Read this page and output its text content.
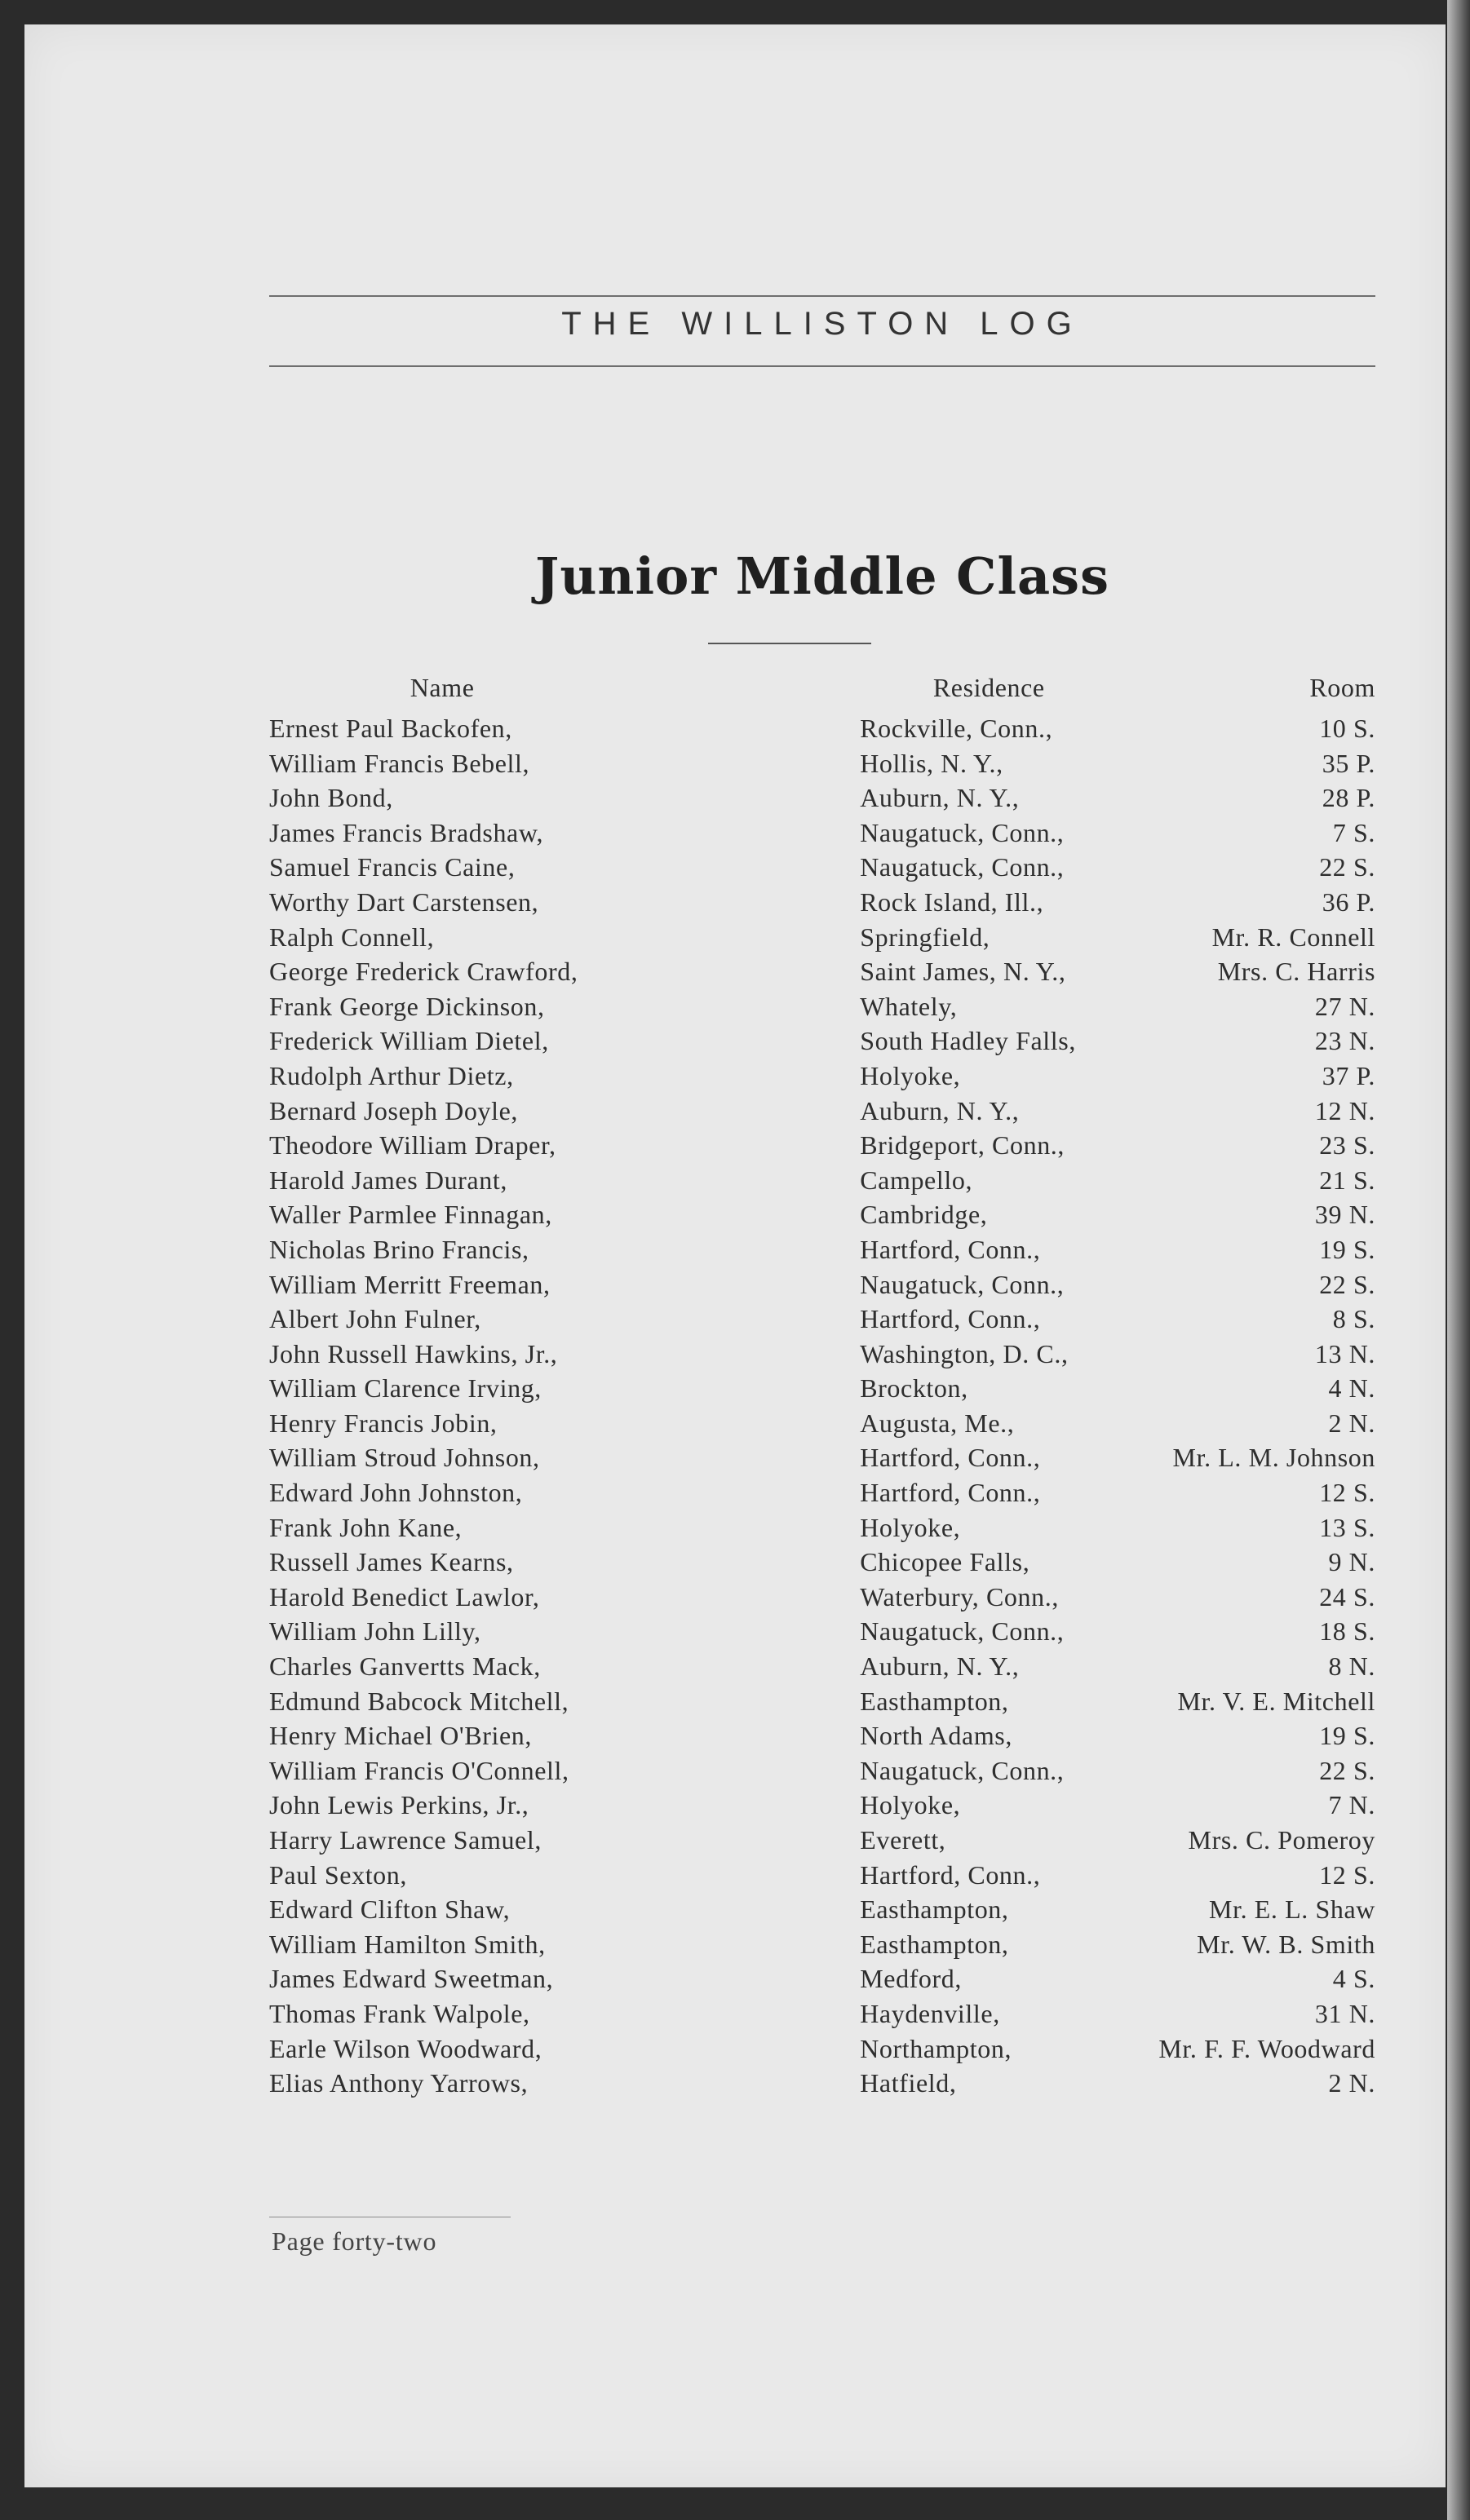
THE WILLISTON LOG
Junior Middle Class
Name	Residence	Room
Ernest Paul Backofen,	Rockville, Conn.,	10 S.
William Francis Bebell,	Hollis, N. Y.,	35 P.
John Bond,	Auburn, N. Y.,	28 P.
James Francis Bradshaw,	Naugatuck, Conn.,	7 S.
Samuel Francis Caine,	Naugatuck, Conn.,	22 S.
Worthy Dart Carstensen,	Rock Island, Ill.,	36 P.
Ralph Connell,	Springfield,	Mr. R. Connell
George Frederick Crawford,	Saint James, N. Y.,	Mrs. C. Harris
Frank George Dickinson,	Whately,	27 N.
Frederick William Dietel,	South Hadley Falls,	23 N.
Rudolph Arthur Dietz,	Holyoke,	37 P.
Bernard Joseph Doyle,	Auburn, N. Y.,	12 N.
Theodore William Draper,	Bridgeport, Conn.,	23 S.
Harold James Durant,	Campello,	21 S.
Waller Parmlee Finnagan,	Cambridge,	39 N.
Nicholas Brino Francis,	Hartford, Conn.,	19 S.
William Merritt Freeman,	Naugatuck, Conn.,	22 S.
Albert John Fulner,	Hartford, Conn.,	8 S.
John Russell Hawkins, Jr.,	Washington, D. C.,	13 N.
William Clarence Irving,	Brockton,	4 N.
Henry Francis Jobin,	Augusta, Me.,	2 N.
William Stroud Johnson,	Hartford, Conn.,	Mr. L. M. Johnson
Edward John Johnston,	Hartford, Conn.,	12 S.
Frank John Kane,	Holyoke,	13 S.
Russell James Kearns,	Chicopee Falls,	9 N.
Harold Benedict Lawlor,	Waterbury, Conn.,	24 S.
William John Lilly,	Naugatuck, Conn.,	18 S.
Charles Ganvertts Mack,	Auburn, N. Y.,	8 N.
Edmund Babcock Mitchell,	Easthampton,	Mr. V. E. Mitchell
Henry Michael O'Brien,	North Adams,	19 S.
William Francis O'Connell,	Naugatuck, Conn.,	22 S.
John Lewis Perkins, Jr.,	Holyoke,	7 N.
Harry Lawrence Samuel,	Everett,	Mrs. C. Pomeroy
Paul Sexton,	Hartford, Conn.,	12 S.
Edward Clifton Shaw,	Easthampton,	Mr. E. L. Shaw
William Hamilton Smith,	Easthampton,	Mr. W. B. Smith
James Edward Sweetman,	Medford,	4 S.
Thomas Frank Walpole,	Haydenville,	31 N.
Earle Wilson Woodward,	Northampton,	Mr. F. F. Woodward
Elias Anthony Yarrows,	Hatfield,	2 N.
Page forty-two
